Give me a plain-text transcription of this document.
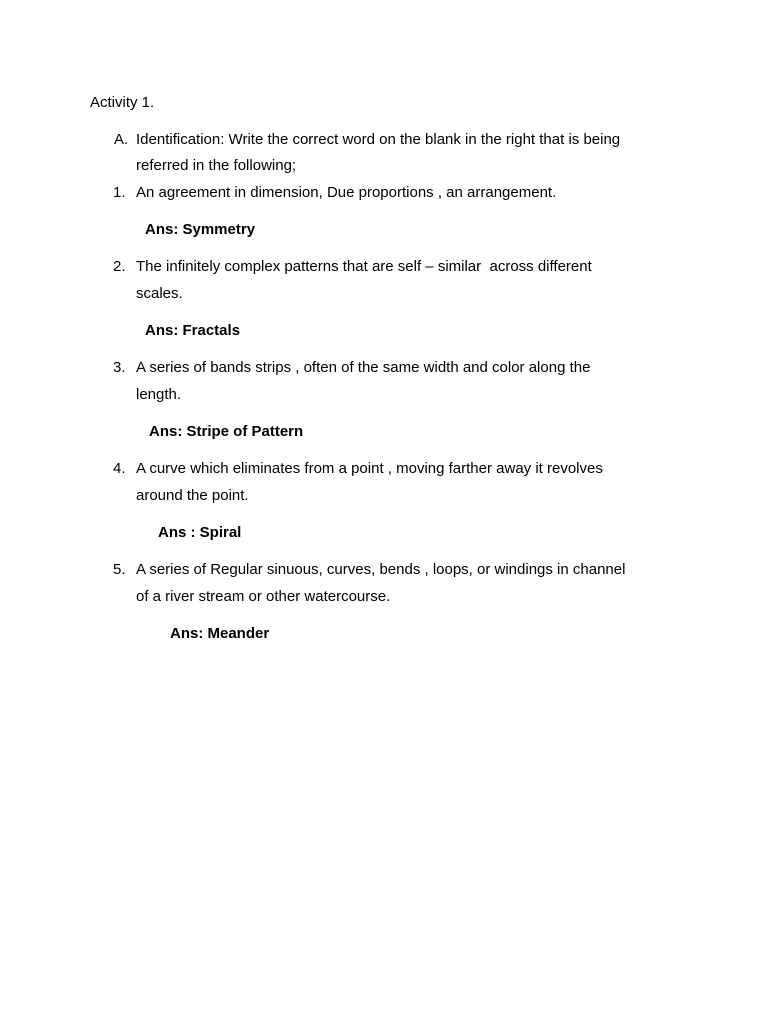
Activity 1.
A. Identification: Write the correct word on the blank in the right that is being
referred in the following;
1. An agreement in dimension, Due proportions , an arrangement.
Ans: Symmetry
2. The infinitely complex patterns that are self – similar  across different
scales.
Ans: Fractals
3. A series of bands strips , often of the same width and color along the
length.
Ans: Stripe of Pattern
4. A curve which eliminates from a point , moving farther away it revolves
around the point.
Ans : Spiral
5. A series of Regular sinuous, curves, bends , loops, or windings in channel
of a river stream or other watercourse.
Ans: Meander
